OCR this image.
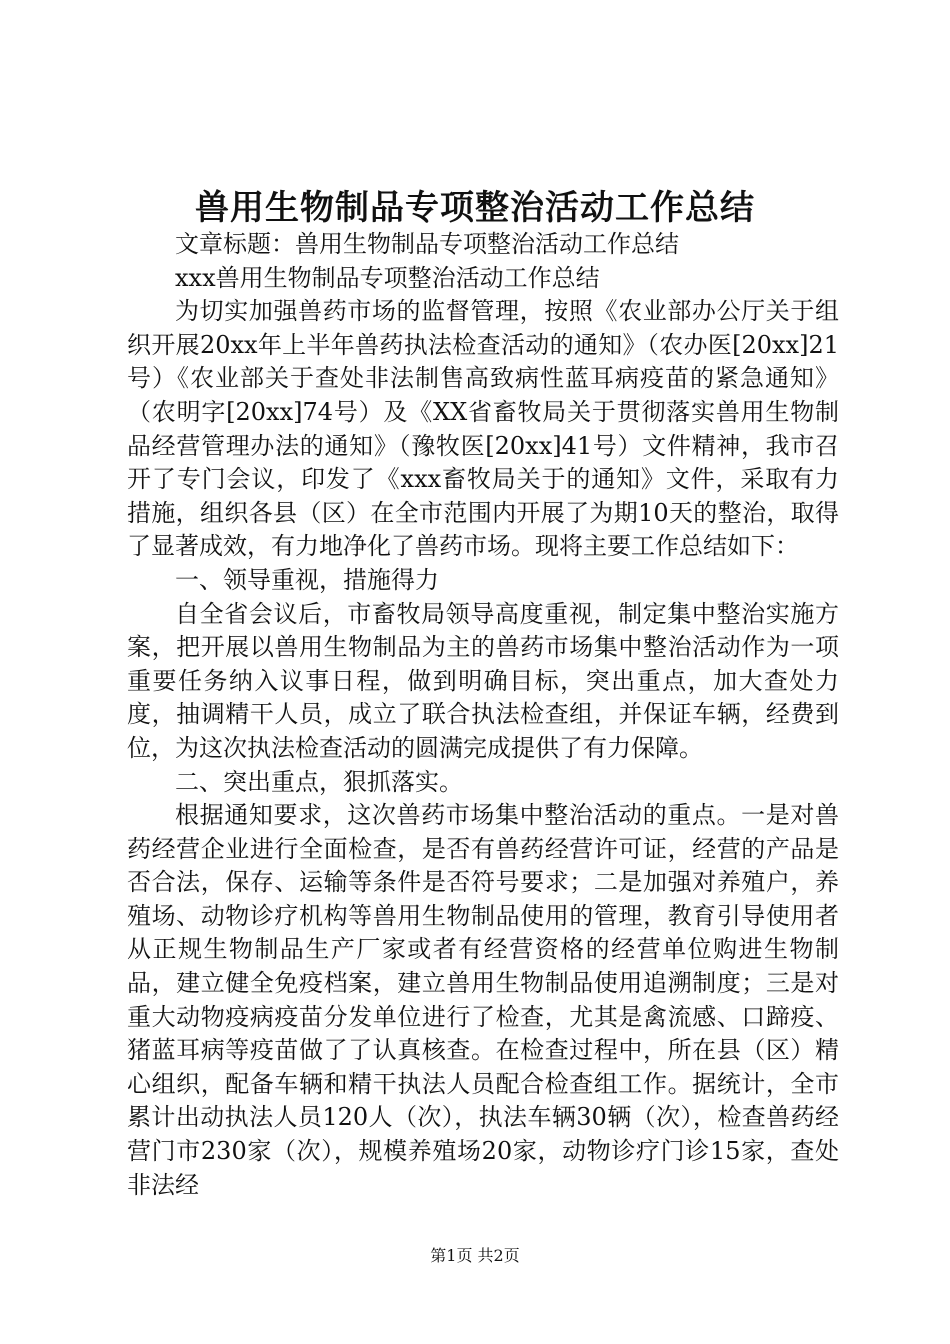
兽用生物制品专项整治活动工作总结

文章标题：兽用生物制品专项整治活动工作总结

xxx兽用生物制品专项整治活动工作总结

为切实加强兽药市场的监督管理，按照《农业部办公厅关于组织开展20xx年上半年兽药执法检查活动的通知》（农办医[20xx]21号）《农业部关于查处非法制售高致病性蓝耳病疫苗的紧急通知》（农明字[20xx]74号）及《XX省畜牧局关于贯彻落实兽用生物制品经营管理办法的通知》（豫牧医[20xx]41号）文件精神，我市召开了专门会议，印发了《xxx畜牧局关于的通知》文件，采取有力措施，组织各县（区）在全市范围内开展了为期10天的整治，取得了显著成效，有力地净化了兽药市场。现将主要工作总结如下：

一、领导重视，措施得力

自全省会议后，市畜牧局领导高度重视，制定集中整治实施方案，把开展以兽用生物制品为主的兽药市场集中整治活动作为一项重要任务纳入议事日程，做到明确目标，突出重点，加大查处力度，抽调精干人员，成立了联合执法检查组，并保证车辆，经费到位，为这次执法检查活动的圆满完成提供了有力保障。

二、突出重点，狠抓落实。

根据通知要求，这次兽药市场集中整治活动的重点。一是对兽药经营企业进行全面检查，是否有兽药经营许可证，经营的产品是否合法，保存、运输等条件是否符号要求；二是加强对养殖户，养殖场、动物诊疗机构等兽用生物制品使用的管理，教育引导使用者从正规生物制品生产厂家或者有经营资格的经营单位购进生物制品，建立健全免疫档案，建立兽用生物制品使用追溯制度；三是对重大动物疫病疫苗分发单位进行了检查，尤其是禽流感、口蹄疫、猪蓝耳病等疫苗做了了认真核查。在检查过程中，所在县（区）精心组织，配备车辆和精干执法人员配合检查组工作。据统计，全市累计出动执法人员120人（次），执法车辆30辆（次），检查兽药经营门市230家（次），规模养殖场20家，动物诊疗门诊15家，查处非法经

第1页 共2页
